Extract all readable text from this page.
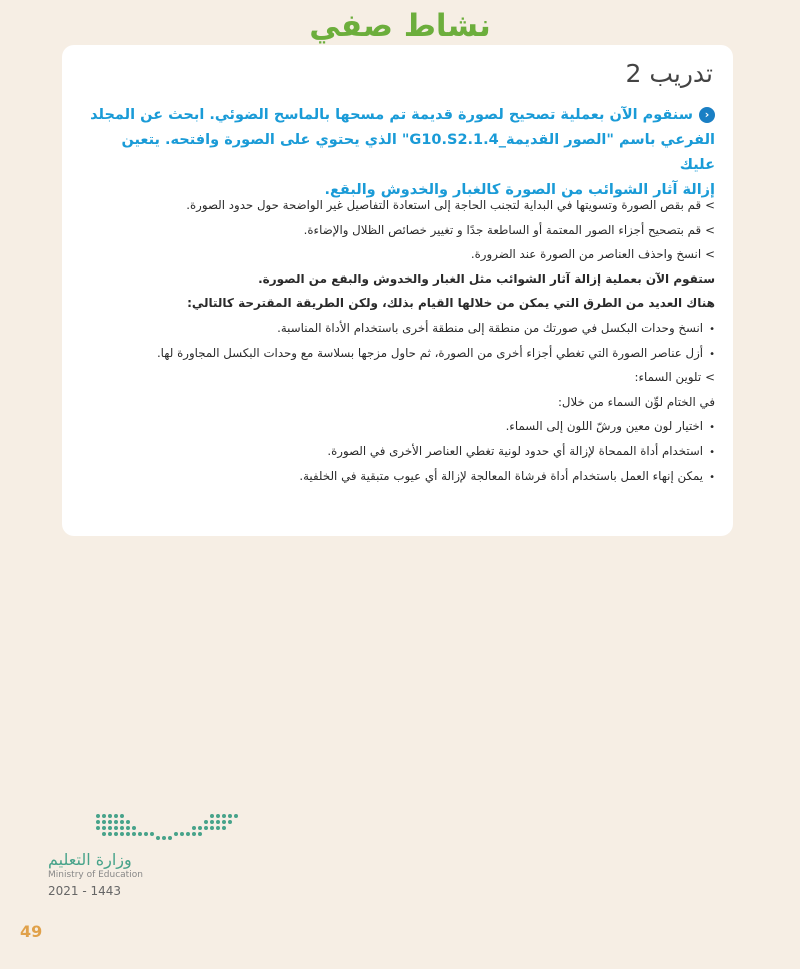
نشاط صفي
تدريب 2
‹سنقوم الآن بعملية تصحيح لصورة قديمة تم مسحها بالماسح الضوئي. ابحث عن المجلد
الفرعي باسم "الصور القديمة_G10.S2.1.4" الذي يحتوي على الصورة وافتحه. يتعين عليك
إزالة آثار الشوائب من الصورة كالغبار والخدوش والبقع.
>قم بقص الصورة وتسويتها في البداية لتجنب الحاجة إلى استعادة التفاصيل غير الواضحة حول حدود الصورة.
>قم بتصحيح أجزاء الصور المعتمة أو الساطعة جدًا و تغيير خصائص الظلال والإضاءة.
>انسخ واحذف العناصر من الصورة عند الضرورة.
ستقوم الآن بعملية إزالة آثار الشوائب مثل الغبار والخدوش والبقع من الصورة.
هناك العديد من الطرق التي يمكن من خلالها القيام بذلك، ولكن الطريقة المقترحة كالتالي:
•انسخ وحدات البكسل في صورتك من منطقة إلى منطقة أخرى باستخدام الأداة المناسبة.
•أزل عناصر الصورة التي تغطي أجزاء أخرى من الصورة، ثم حاول مزجها بسلاسة مع وحدات البكسل المجاورة لها.
>تلوين السماء:
في الختام لوِّن السماء من خلال:
•اختيار لون معين ورشّ اللون إلى السماء.
•استخدام أداة الممحاة لإزالة أي حدود لونية تغطي العناصر الأخرى في الصورة.
•يمكن إنهاء العمل باستخدام أداة فرشاة المعالجة لإزالة أي عيوب متبقية في الخلفية.
وزارة التعليم
Ministry of Education
2021 - 1443
49
